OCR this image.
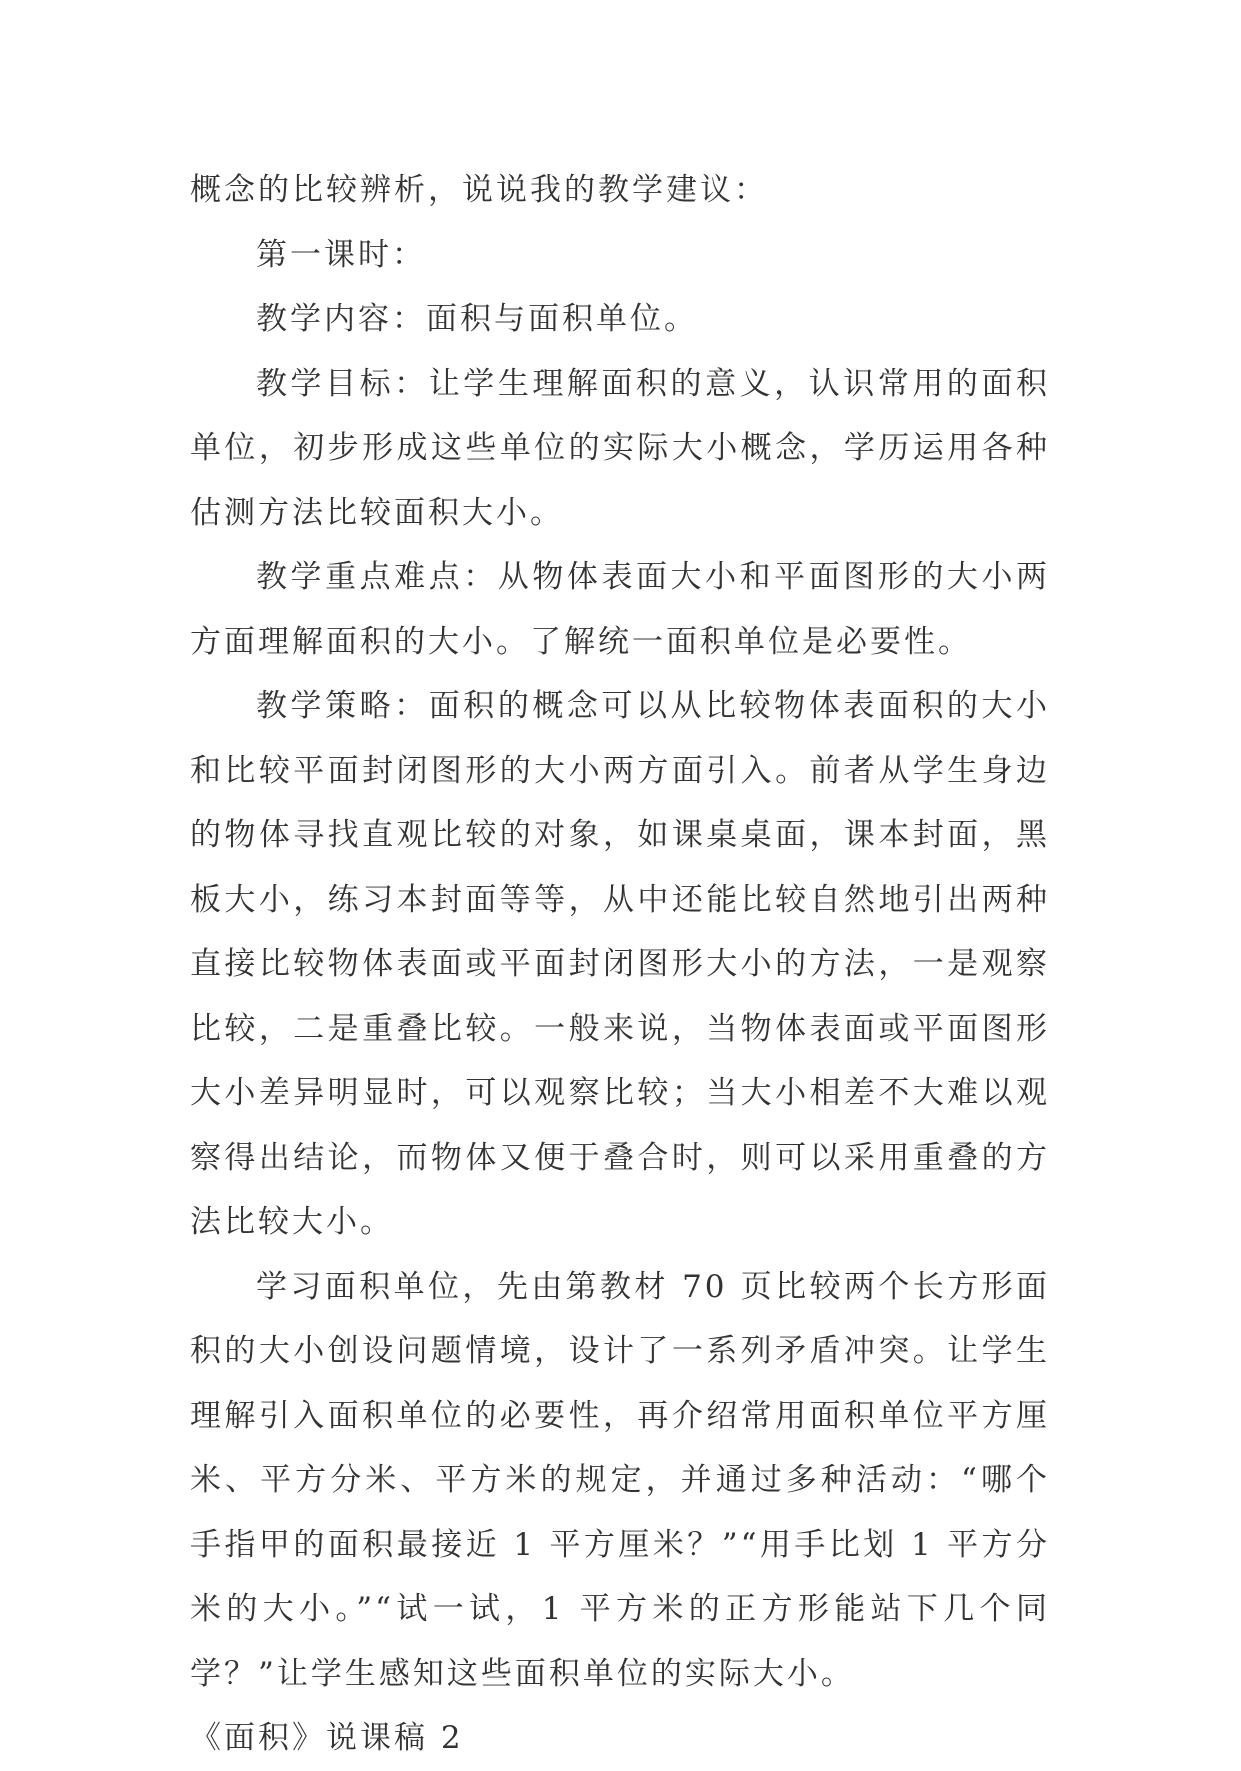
概念的比较辨析，说说我的教学建议：

第一课时：

教学内容：面积与面积单位。

教学目标：让学生理解面积的意义，认识常用的面积单位，初步形成这些单位的实际大小概念，学历运用各种估测方法比较面积大小。

教学重点难点：从物体表面大小和平面图形的大小两方面理解面积的大小。了解统一面积单位是必要性。

教学策略：面积的概念可以从比较物体表面积的大小和比较平面封闭图形的大小两方面引入。前者从学生身边的物体寻找直观比较的对象，如课桌桌面，课本封面，黑板大小，练习本封面等等，从中还能比较自然地引出两种直接比较物体表面或平面封闭图形大小的方法，一是观察比较，二是重叠比较。一般来说，当物体表面或平面图形大小差异明显时，可以观察比较；当大小相差不大难以观察得出结论，而物体又便于叠合时，则可以采用重叠的方法比较大小。

学习面积单位，先由第教材 70 页比较两个长方形面积的大小创设问题情境，设计了一系列矛盾冲突。让学生理解引入面积单位的必要性，再介绍常用面积单位平方厘米、平方分米、平方米的规定，并通过多种活动：“哪个手指甲的面积最接近 1 平方厘米？”“用手比划 1 平方分米的大小。”“试一试，1 平方米的正方形能站下几个同学？”让学生感知这些面积单位的实际大小。

《面积》说课稿 2
